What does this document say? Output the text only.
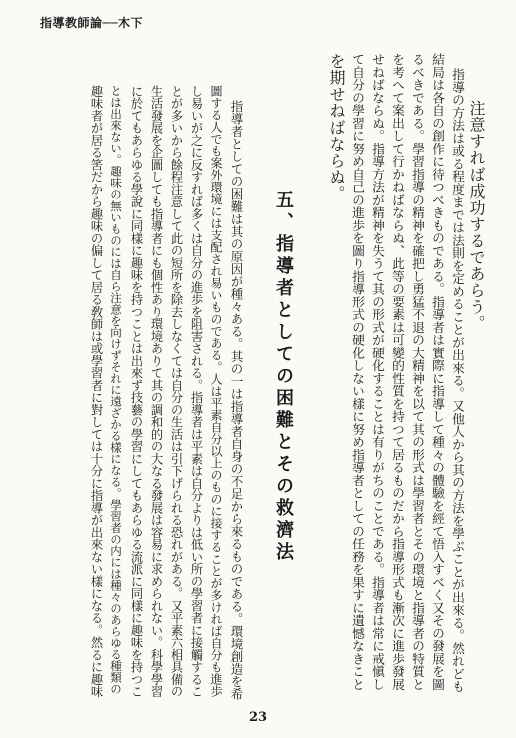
指導教師論──木下
注意すれば成功するであらう。
指導の方法は或る程度までは法則を定めることが出來る。又他人から其の方法を學ぶことが出來る。然れども
結局は各自の創作に待つべきものである。指導者は實際に指導して種々の體驗を經て悟入すべく又その發展を圖
るべきである。學習指導の精神を確把し勇猛不退の大精神を以て其の形式は學習者とその環境と指導者の特質と
を考へて案出して行かねばならぬ、此等の要素は可變的性質を持つて居るものだから指導形式も漸次に進歩發展
せねばならぬ。指導方法が精神を失うて其の形式が硬化することは有りがちのことである。指導者は常に戒愼し
て自分の學習に努め自己の進歩を圖り指導形式の硬化しない樣に努め指導者としての任務を果すに遺憾なきこと
を期せねばならぬ。
五、指導者としての困難とその救濟法
指導者としての困難は其の原因が種々ある。其の一は指導者自身の不足から來るものである。環境創造を希
圖する人でも案外環境には支配され易いものである。人は平素自分以上のものに接することが多ければ自分も進歩
し易いが之に反すれば多くは自分の進歩を阻害される。指導者は平素は自分よりは低い所の學習者に接觸するこ
とが多いから餘程注意して此の短所を除去しなくては自分の生活は引下げられる恐れがある。又平素六相具備の
生活發展を企圖しても指導者にも個性あり環境ありて其の調和的の大なる發展は容易に求められない。科學學習
に於てもあらゆる學說に同樣に趣味を持つことは出來ず技藝の學習にしてもあらゆる流派に同樣に趣味を持つこ
とは出來ない。趣味の無いものには自ら注意を向けずそれに遠ざかる樣になる。學習者の内には種々のあらゆる種類の
趣味者が居る筈だから趣味の偏して居る敎師は或學習者に對しては十分に指導が出來ない樣になる。然るに趣味
23
